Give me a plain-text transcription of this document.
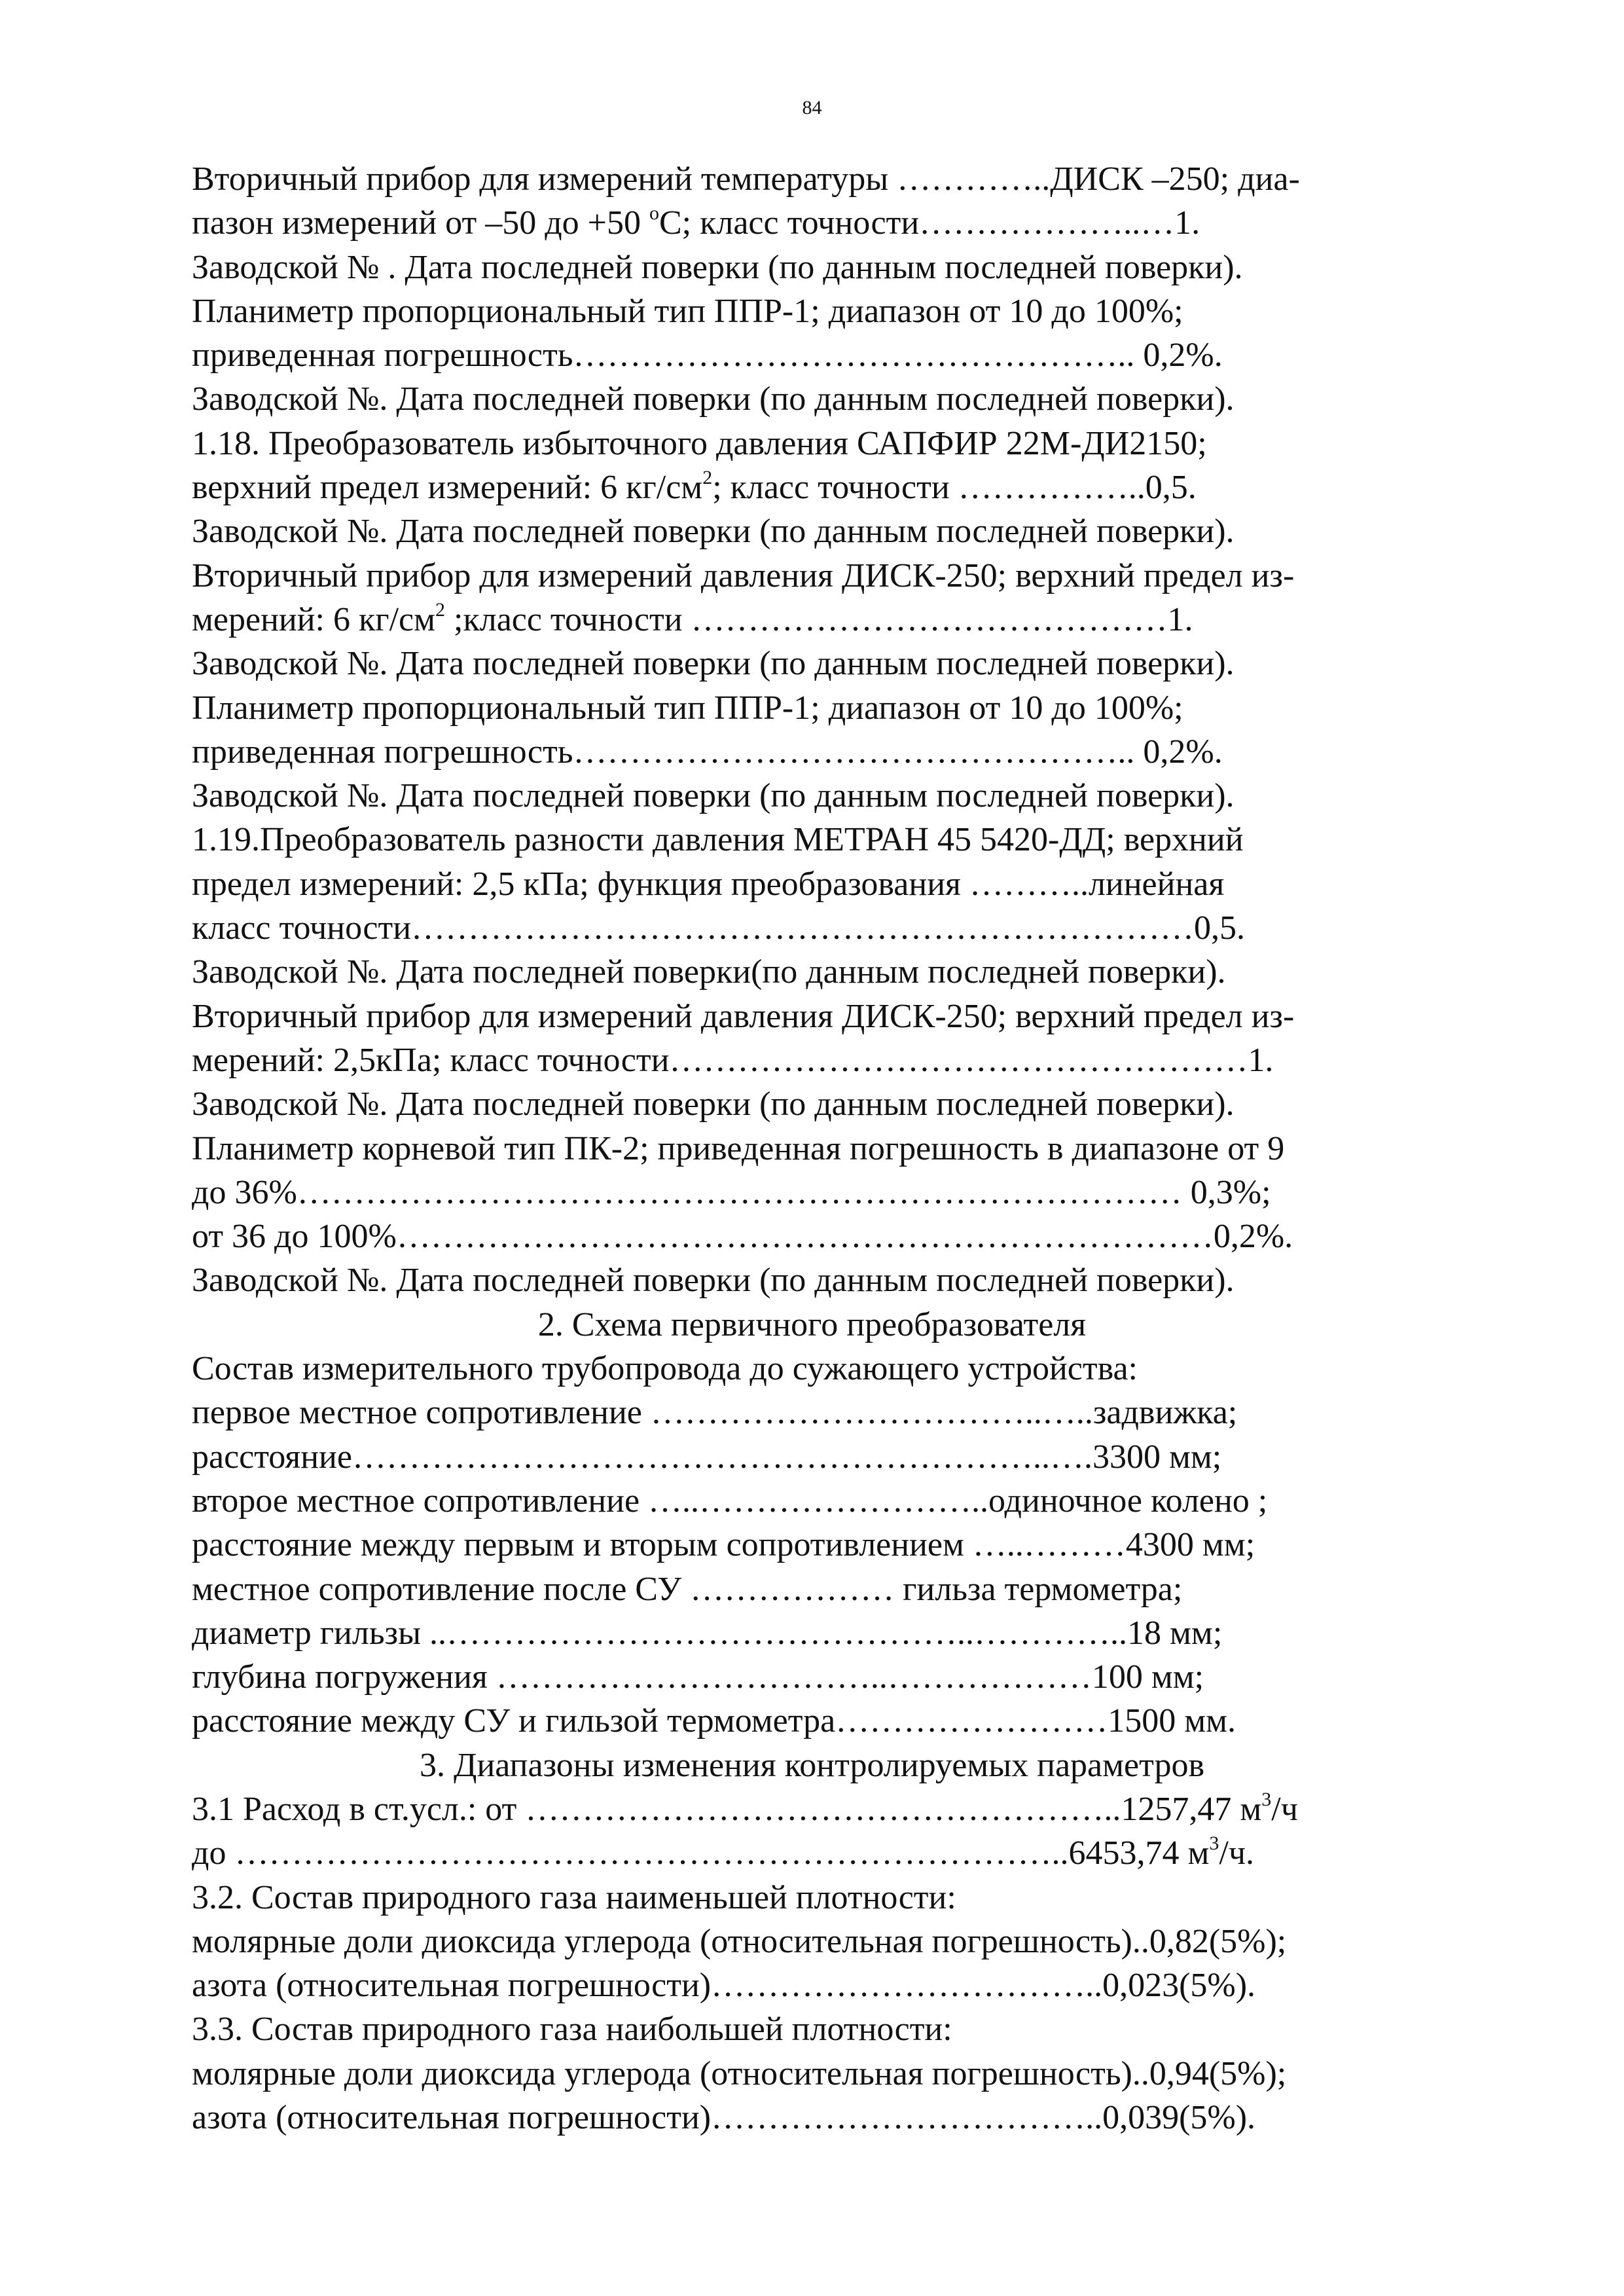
84
Вторичный прибор для измерений температуры …………..ДИСК –250; диа-
пазон измерений от –50 до +50 $^о$С; класс точности………………..…1.
Заводской № . Дата последней поверки (по данным последней поверки).
Планиметр пропорциональный тип ППР-1; диапазон от 10 до 100%;
приведенная погрешность………………………………………….. 0,2%.
Заводской №. Дата последней поверки (по данным последней поверки).
1.18. Преобразователь избыточного давления САПФИР 22М-ДИ2150;
верхний предел измерений: 6 $кг/см^2$; класс точности ……………..0,5.
Заводской №. Дата последней поверки (по данным последней поверки).
Вторичный прибор для измерений давления ДИСК-250; верхний предел из-
мерений: 6 $кг/см^2$ ;класс точности ……………………………………1.
Заводской №. Дата последней поверки (по данным последней поверки).
Планиметр пропорциональный тип ППР-1; диапазон от 10 до 100%;
приведенная погрешность………………………………………….. 0,2%.
Заводской №. Дата последней поверки (по данным последней поверки).
1.19.Преобразователь разности давления МЕТРАН 45 5420-ДД; верхний
предел измерений: 2,5 кПа; функция преобразования ………..линейная
класс точности……………………………………………………………0,5.
Заводской №. Дата последней поверки(по данным последней поверки).
Вторичный прибор для измерений давления ДИСК-250; верхний предел из-
мерений: 2,5кПа; класс точности……………………………………………1.
Заводской №. Дата последней поверки (по данным последней поверки).
Планиметр корневой тип ПК-2; приведенная погрешность в диапазоне от 9
до 36%…………………………………………………………………… 0,3%;
от 36 до 100%………………………………………………………………0,2%.
Заводской №. Дата последней поверки (по данным последней поверки).
2. Схема первичного преобразователя
Состав измерительного трубопровода до сужающего устройства:
первое местное сопротивление ……………………………..…..задвижка;
расстояние……………………………………………………..….3300 мм;
второе местное сопротивление …..……………………..одиночное колено ;
расстояние между первым и вторым сопротивлением …..………4300 мм;
местное сопротивление после СУ ……………… гильза термометра;
диаметр гильзы ..………………………………………..…………..18 мм;
глубина погружения ……………………………..………………100 мм;
расстояние между СУ и гильзой термометра……………………1500 мм.
3. Диапазоны изменения контролируемых параметров
3.1 Расход в ст.усл.: от ……………………………………………..1257,47 $м^3/ч$
до ………………………………………………………………..6453,74 $м^3/ч$.
3.2. Состав природного газа наименьшей плотности:
молярные доли диоксида углерода (относительная погрешность)..0,82(5%);
азота (относительная погрешности)……………………………..0,023(5%).
3.3. Состав природного газа наибольшей плотности:
молярные доли диоксида углерода (относительная погрешность)..0,94(5%);
азота (относительная погрешности)……………………………..0,039(5%).
